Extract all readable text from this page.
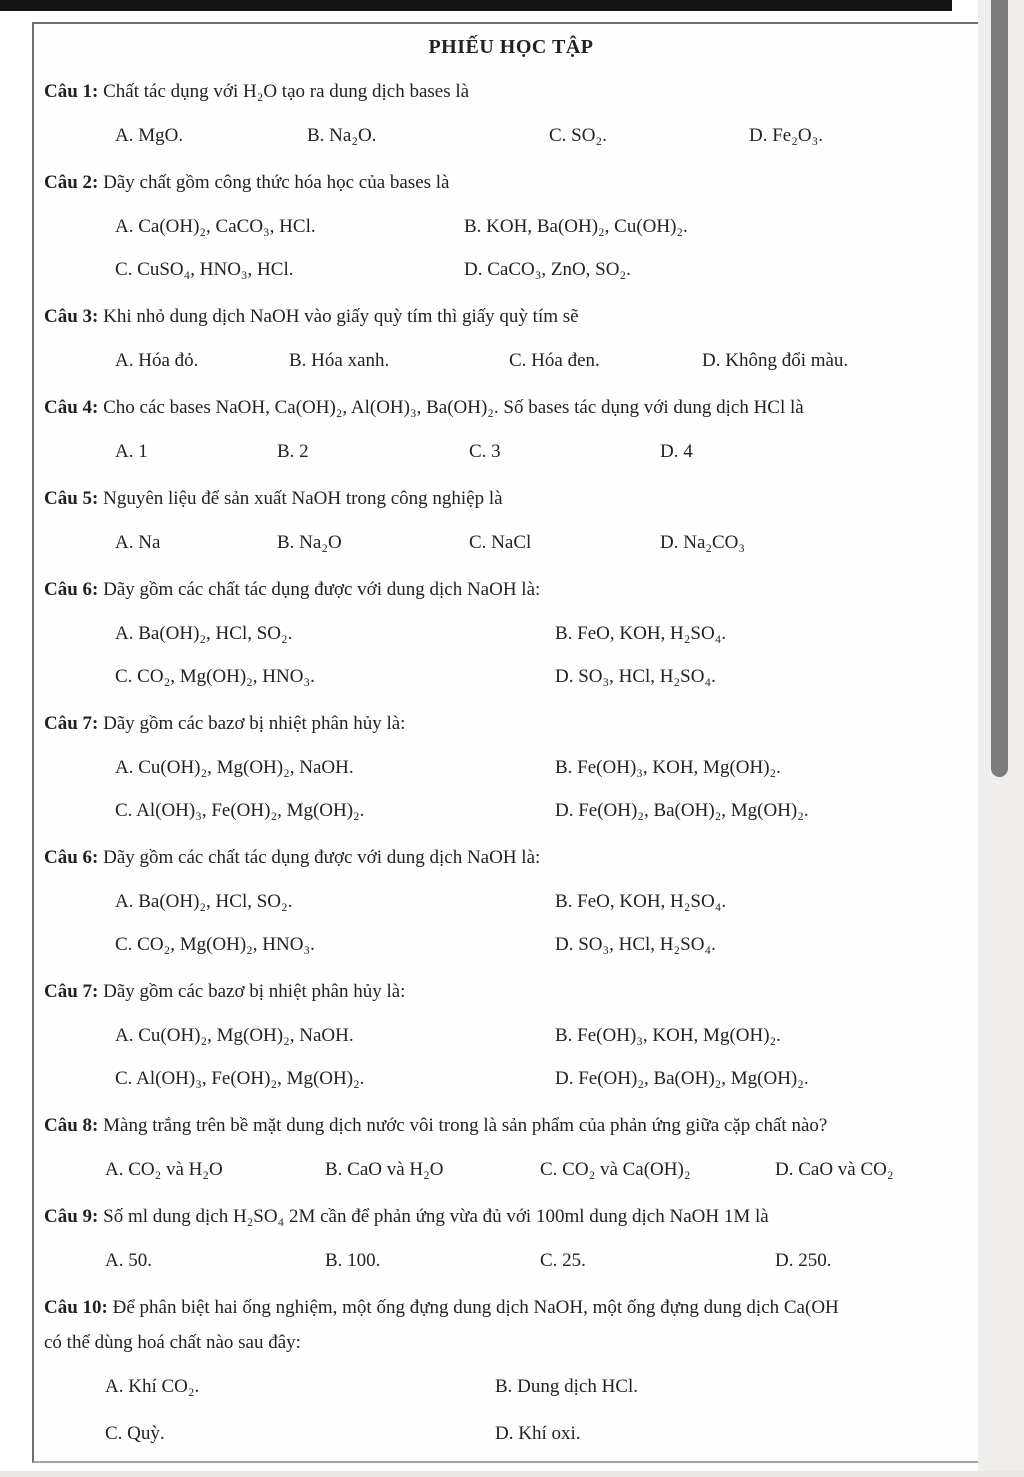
PHIẾU HỌC TẬP

Câu 1: Chất tác dụng với H₂O tạo ra dung dịch bases là

A. MgO.	B. Na₂O.	C. SO₂.	D. Fe₂O₃.

Câu 2: Dãy chất gồm công thức hóa học của bases là

A. Ca(OH)₂, CaCO₃, HCl.	B. KOH, Ba(OH)₂, Cu(OH)₂.
C. CuSO₄, HNO₃, HCl.	D. CaCO₃, ZnO, SO₂.

Câu 3: Khi nhỏ dung dịch NaOH vào giấy quỳ tím thì giấy quỳ tím sẽ

A. Hóa đỏ.	B. Hóa xanh.	C. Hóa đen.	D. Không đổi màu.

Câu 4: Cho các bases NaOH, Ca(OH)₂, Al(OH)₃, Ba(OH)₂. Số bases tác dụng với dung dịch HCl là

A. 1	B. 2	C. 3	D. 4

Câu 5: Nguyên liệu để sản xuất NaOH trong công nghiệp là

A. Na	B. Na₂O	C. NaCl	D. Na₂CO₃

Câu 6: Dãy gồm các chất tác dụng được với dung dịch NaOH là:

A. Ba(OH)₂, HCl, SO₂.	B. FeO, KOH, H₂SO₄.
C. CO₂, Mg(OH)₂, HNO₃.	D. SO₃, HCl, H₂SO₄.

Câu 7: Dãy gồm các bazơ bị nhiệt phân hủy là:

A. Cu(OH)₂, Mg(OH)₂, NaOH.	B. Fe(OH)₃, KOH, Mg(OH)₂.
C. Al(OH)₃, Fe(OH)₂, Mg(OH)₂.	D. Fe(OH)₂, Ba(OH)₂, Mg(OH)₂.

Câu 6: Dãy gồm các chất tác dụng được với dung dịch NaOH là:

A. Ba(OH)₂, HCl, SO₂.	B. FeO, KOH, H₂SO₄.
C. CO₂, Mg(OH)₂, HNO₃.	D. SO₃, HCl, H₂SO₄.

Câu 7: Dãy gồm các bazơ bị nhiệt phân hủy là:

A. Cu(OH)₂, Mg(OH)₂, NaOH.	B. Fe(OH)₃, KOH, Mg(OH)₂.
C. Al(OH)₃, Fe(OH)₂, Mg(OH)₂.	D. Fe(OH)₂, Ba(OH)₂, Mg(OH)₂.

Câu 8: Màng trắng trên bề mặt dung dịch nước vôi trong là sản phẩm của phản ứng giữa cặp chất nào?

A. CO₂ và H₂O	B. CaO và H₂O	C. CO₂ và Ca(OH)₂	D. CaO và CO₂

Câu 9: Số ml dung dịch H₂SO₄ 2M cần để phản ứng vừa đủ với 100ml dung dịch NaOH 1M là

A. 50.	B. 100.	C. 25.	D. 250.

Câu 10: Để phân biệt hai ống nghiệm, một ống đựng dung dịch NaOH, một ống đựng dung dịch Ca(OH

có thể dùng hoá chất nào sau đây:

A. Khí CO₂.	B. Dung dịch HCl.
C. Quỳ.	D. Khí oxi.
